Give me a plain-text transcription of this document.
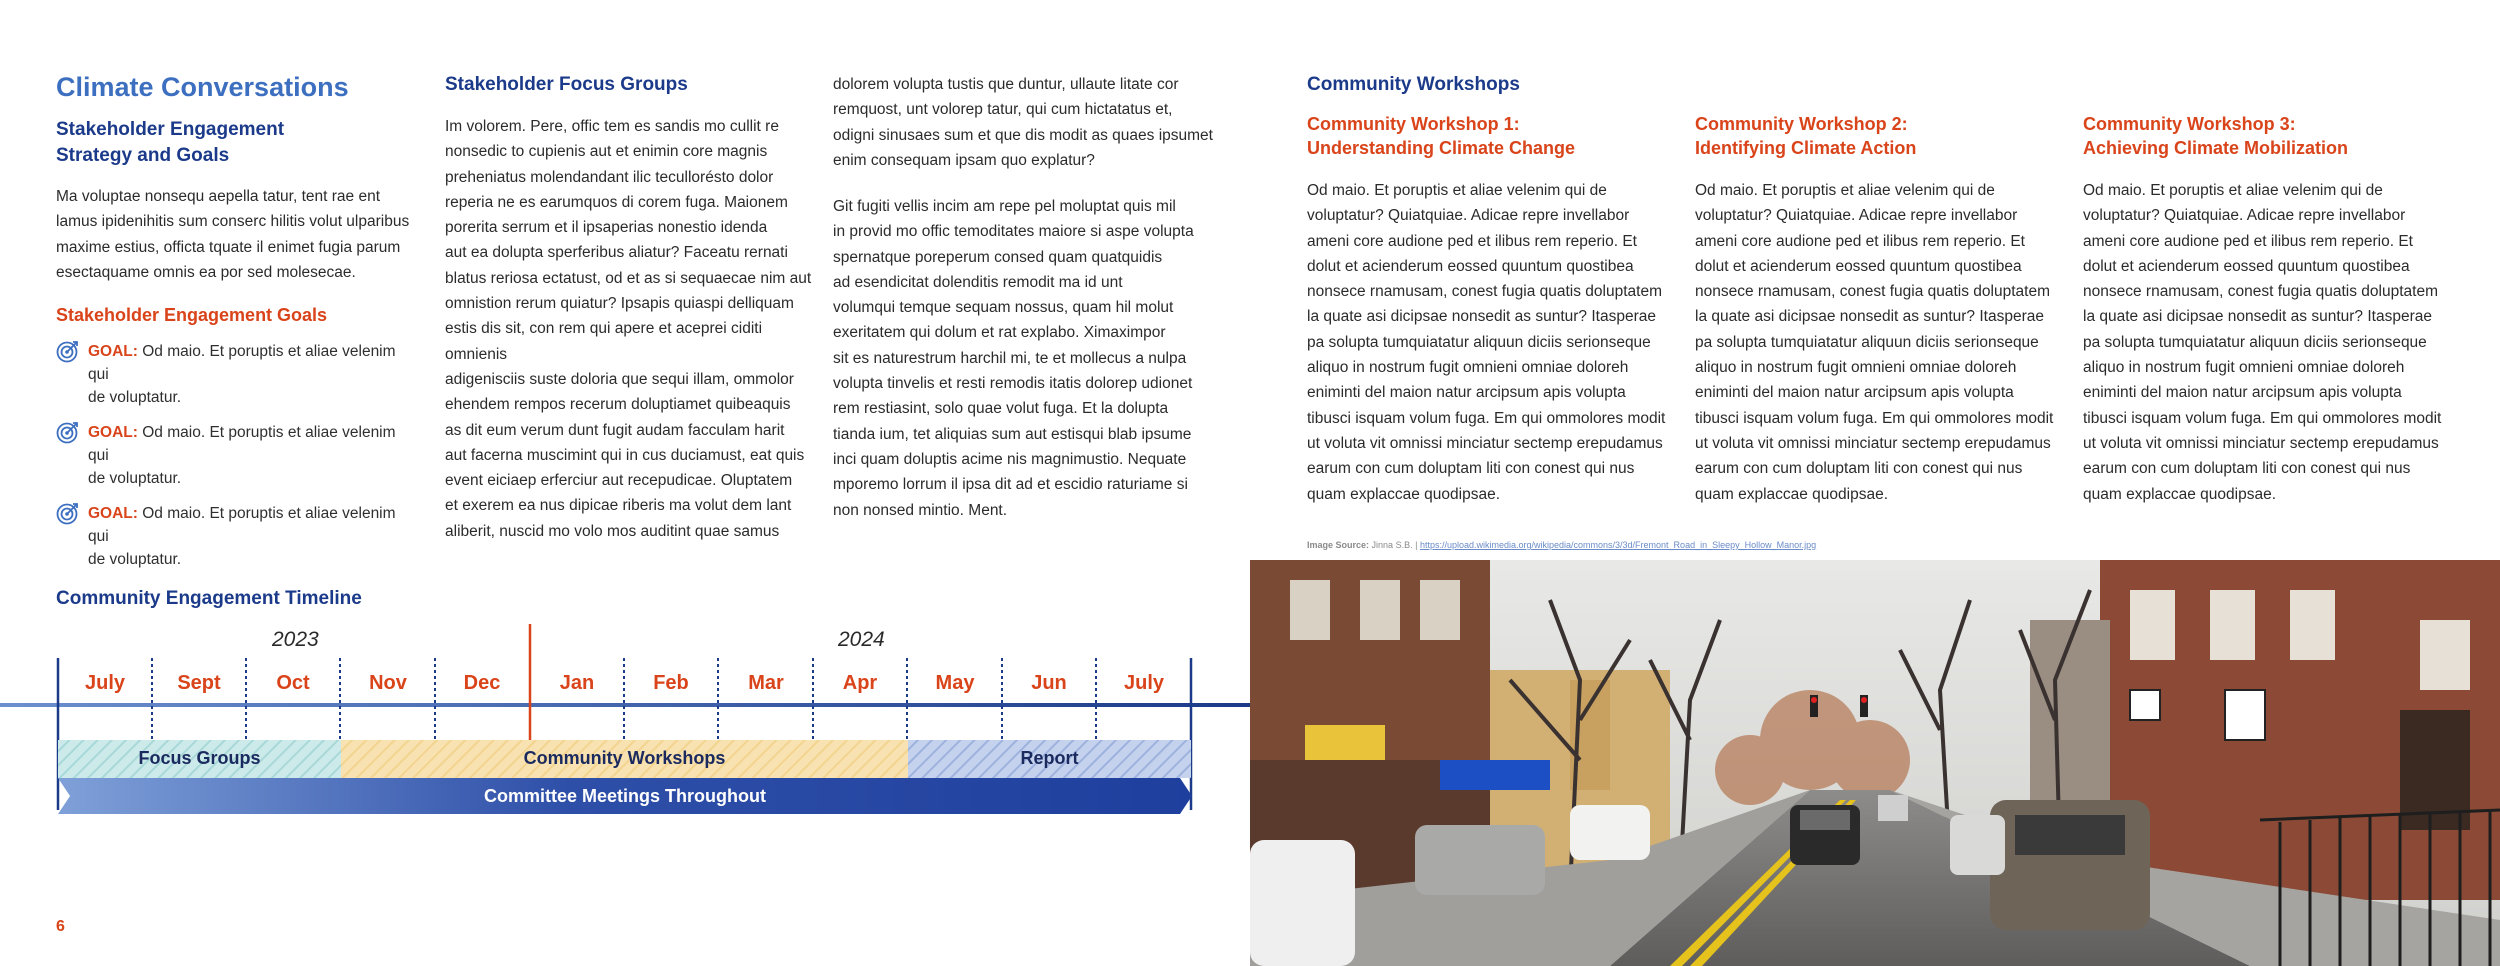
Climate Conversations
Stakeholder Engagement
Strategy and Goals
Ma voluptae nonsequ aepella tatur, tent rae ent
lamus ipidenihitis sum conserc hilitis volut ulparibus
maxime estius, officta tquate il enimet fugia parum
esectaquame omnis ea por sed molesecae.
Stakeholder Engagement Goals
GOAL: Od maio. Et poruptis et aliae velenim qui
de voluptatur.
GOAL: Od maio. Et poruptis et aliae velenim qui
de voluptatur.
GOAL: Od maio. Et poruptis et aliae velenim qui
de voluptatur.
Stakeholder Focus Groups
Im volorem. Pere, offic tem es sandis mo cullit re
nonsedic to cupienis aut et enimin core magnis
preheniatus molendandant ilic tecullorésto dolor
reperia ne es earumquos di corem fuga. Maionem
porerita serrum et il ipsaperias nonestio idenda
aut ea dolupta sperferibus aliatur? Faceatu rernati
blatus reriosa ectatust, od et as si sequaecae nim aut
omnistion rerum quiatur? Ipsapis quiaspi delliquam
estis dis sit, con rem qui apere et aceprei ciditi omnienis
adigenisciis suste doloria que sequi illam, ommolor
ehendem rempos recerum doluptiamet quibeaquis
as dit eum verum dunt fugit audam facculam harit
aut facerna muscimint qui in cus duciamust, eat quis
event eiciaep erferciur aut recepudicae. Oluptatem
et exerem ea nus dipicae riberis ma volut dem lant
aliberit, nuscid mo volo mos auditint quae samus
dolorem volupta tustis que duntur, ullaute litate cor
remquost, unt volorep tatur, qui cum hictatatus et,
odigni sinusaes sum et que dis modit as quaes ipsumet
enim consequam ipsam quo explatur?
Git fugiti vellis incim am repe pel moluptat quis mil
in provid mo offic temoditates maiore si aspe volupta
spernatque poreperum consed quam quatquidis
ad esendicitat dolenditis remodit ma id unt
volumqui temque sequam nossus, quam hil molut
exeritatem qui dolum et rat explabo. Ximaximpor
sit es naturestrum harchil mi, te et mollecus a nulpa
volupta tinvelis et resti remodis itatis dolorep udionet
rem restiasint, solo quae volut fuga. Et la dolupta
tianda ium, tet aliquias sum aut estisqui blab ipsume
inci quam doluptis acime nis magnimustio. Nequate
mporemo lorrum il ipsa dit ad et escidio raturiame si
non nonsed mintio. Ment.
Community Workshops
Community Workshop 1:
Understanding Climate Change
Od maio. Et poruptis et aliae velenim qui de
voluptatur? Quiatquiae. Adicae repre invellabor
ameni core audione ped et ilibus rem reperio. Et
dolut et acienderum eossed quuntum quostibea
nonsece rnamusam, conest fugia quatis doluptatem
la quate asi dicipsae nonsedit as suntur? Itasperae
pa solupta tumquiatatur aliquun diciis serionseque
aliquo in nostrum fugit omnieni omniae doloreh
eniminti del maion natur arcipsum apis volupta
tibusci isquam volum fuga. Em qui ommolores modit
ut voluta vit omnissi minciatur sectemp erepudamus
earum con cum doluptam liti con conest qui nus
quam explaccae quodipsae.
Community Workshop 2:
Identifying Climate Action
Od maio. Et poruptis et aliae velenim qui de
voluptatur? Quiatquiae. Adicae repre invellabor
ameni core audione ped et ilibus rem reperio. Et
dolut et acienderum eossed quuntum quostibea
nonsece rnamusam, conest fugia quatis doluptatem
la quate asi dicipsae nonsedit as suntur? Itasperae
pa solupta tumquiatatur aliquun diciis serionseque
aliquo in nostrum fugit omnieni omniae doloreh
eniminti del maion natur arcipsum apis volupta
tibusci isquam volum fuga. Em qui ommolores modit
ut voluta vit omnissi minciatur sectemp erepudamus
earum con cum doluptam liti con conest qui nus
quam explaccae quodipsae.
Community Workshop 3:
Achieving Climate Mobilization
Od maio. Et poruptis et aliae velenim qui de
voluptatur? Quiatquiae. Adicae repre invellabor
ameni core audione ped et ilibus rem reperio. Et
dolut et acienderum eossed quuntum quostibea
nonsece rnamusam, conest fugia quatis doluptatem
la quate asi dicipsae nonsedit as suntur? Itasperae
pa solupta tumquiatatur aliquun diciis serionseque
aliquo in nostrum fugit omnieni omniae doloreh
eniminti del maion natur arcipsum apis volupta
tibusci isquam volum fuga. Em qui ommolores modit
ut voluta vit omnissi minciatur sectemp erepudamus
earum con cum doluptam liti con conest qui nus
quam explaccae quodipsae.
Image Source: Jinna S.B. | https://upload.wikimedia.org/wikipedia/commons/3/3d/Fremont_Road_in_Sleepy_Hollow_Manor.jpg
Community Engagement Timeline
2023	2024
July	Sept	Oct	Nov	Dec	Jan	Feb	Mar	Apr	May	Jun	July
Focus Groups	Community Workshops	Report
Committee Meetings Throughout
6
